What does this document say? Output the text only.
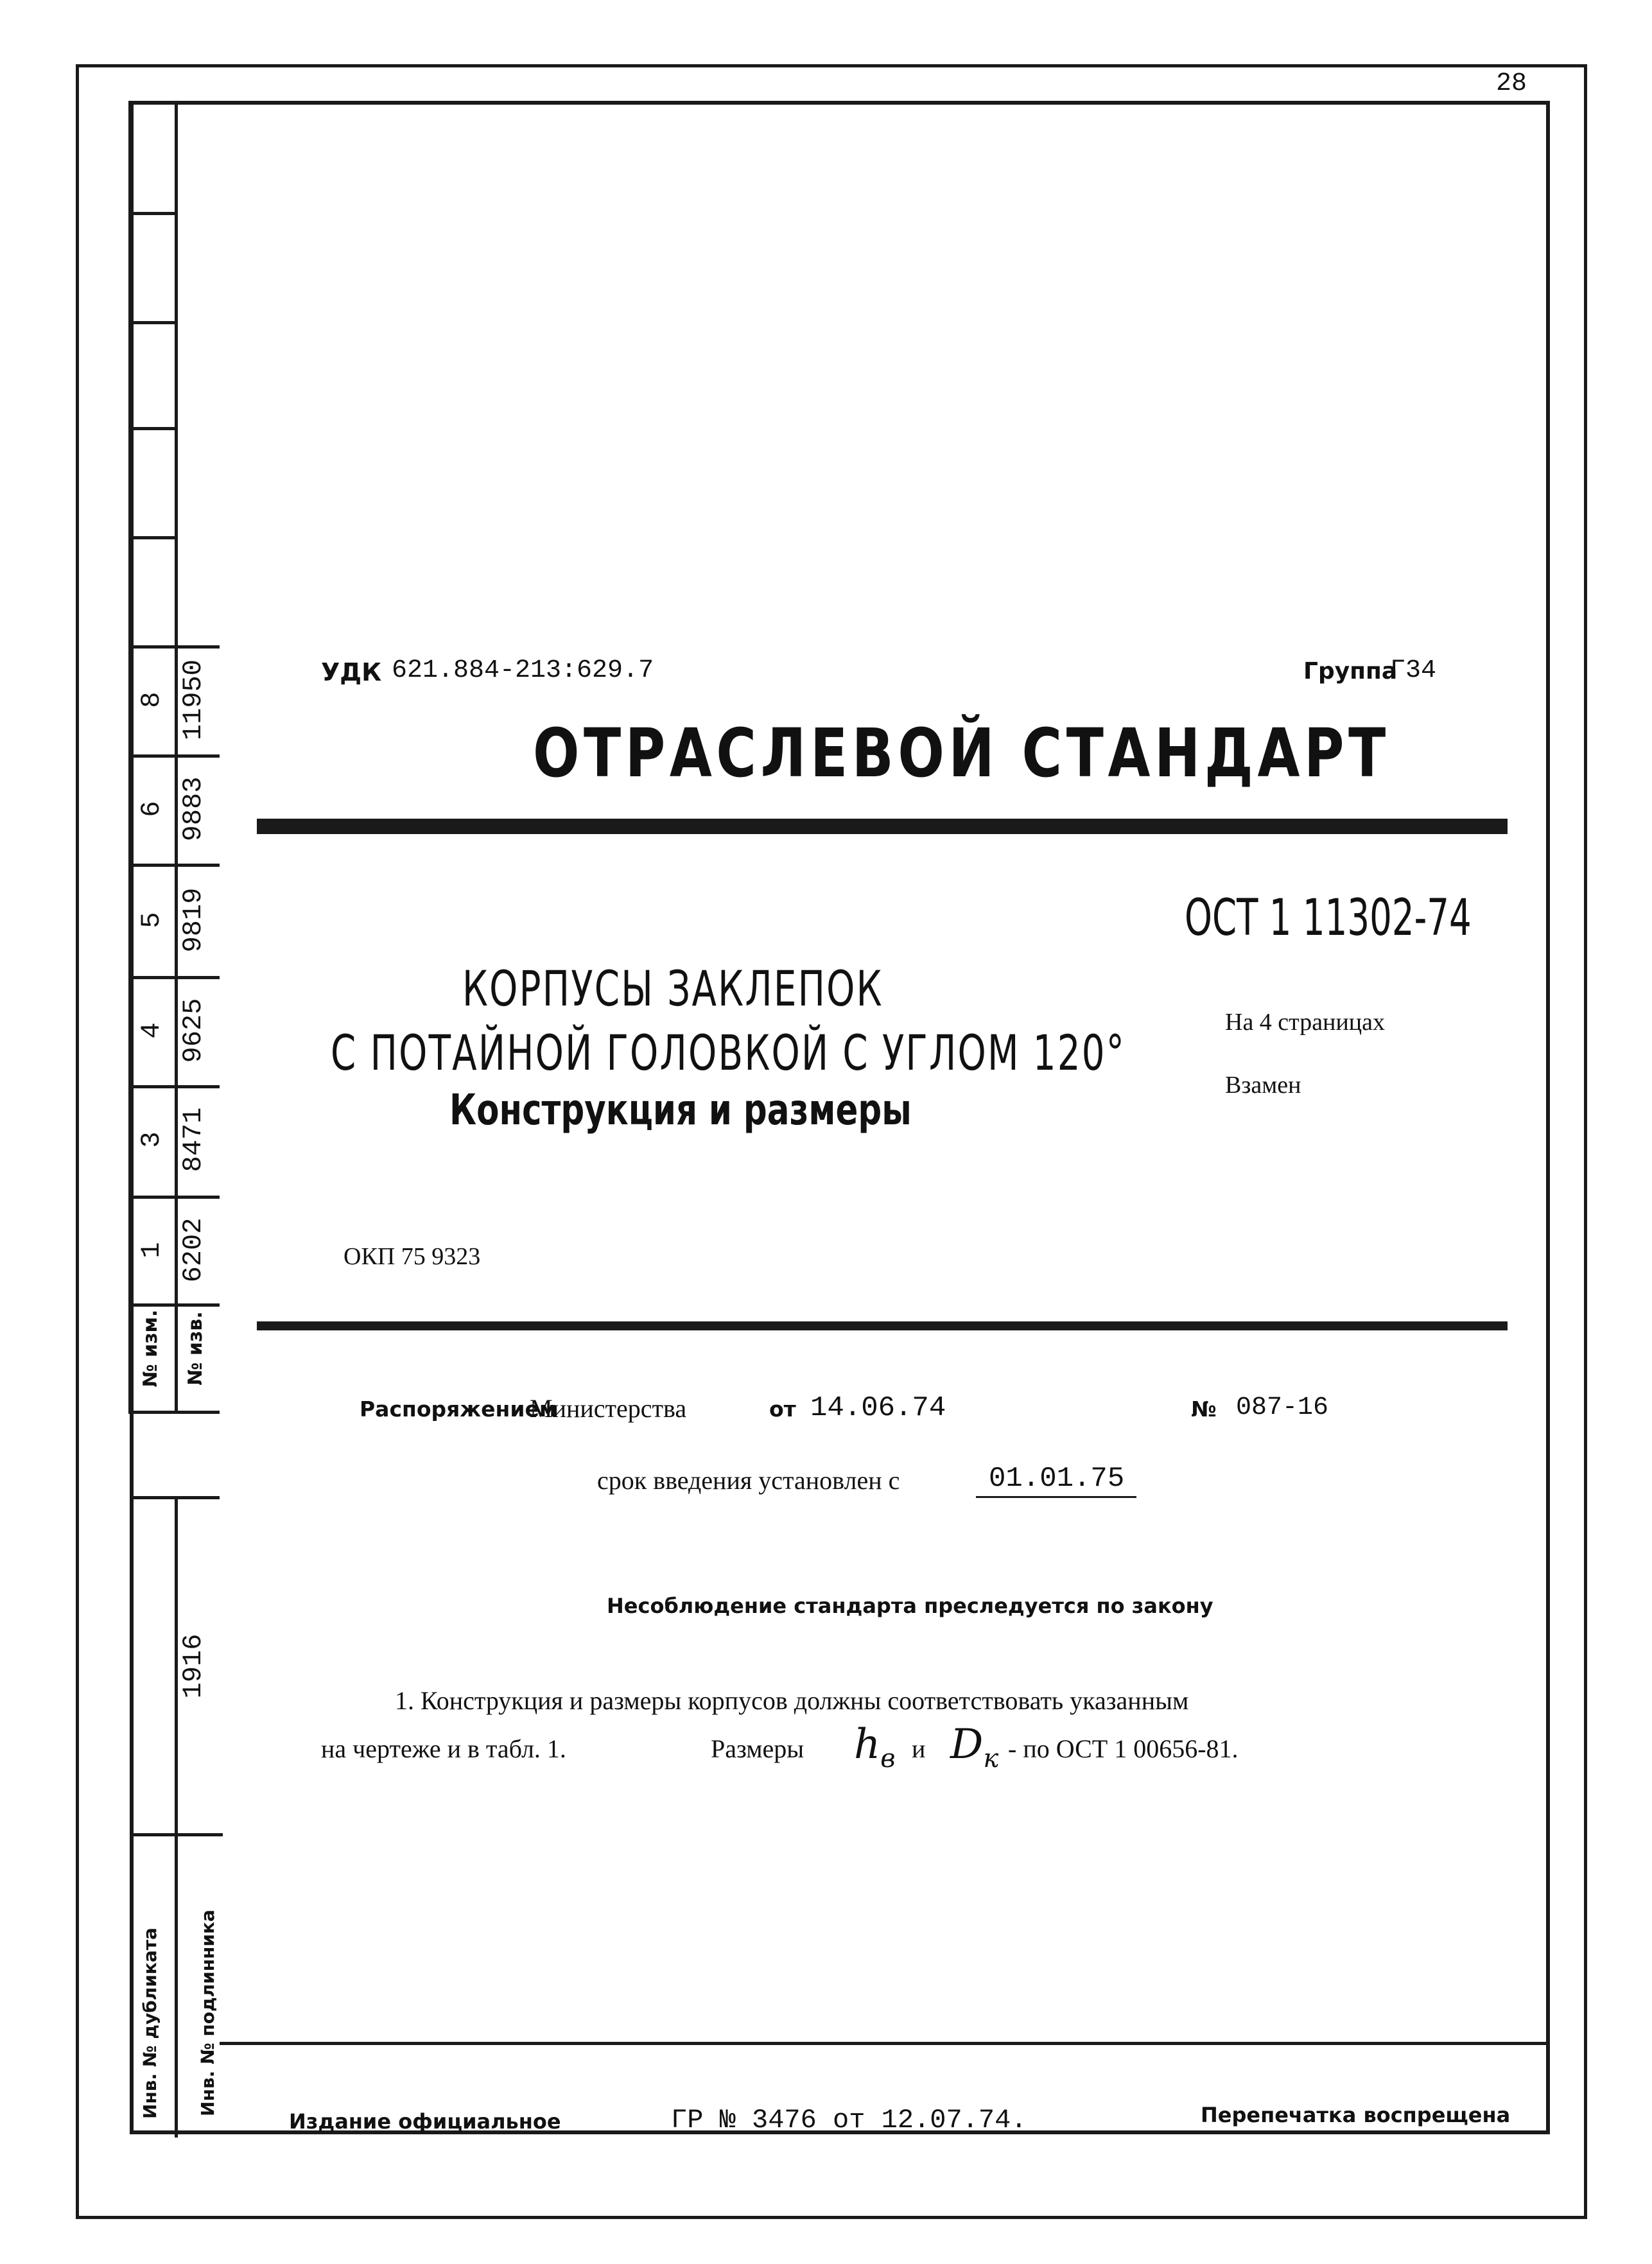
28
8 11950
6 9883
5 9819
4 9625
3 8471
1 6202
№ изм.	№ изв.
1916
Инв. № дубликата	Инв. № подлинника
УДК 621.884-213:629.7	Группа
Г34
ОТРАСЛЕВОЙ СТАНДАРТ
ОСТ 1 11302-74
КОРПУСЫ ЗАКЛЕПОК
С ПОТАЙНОЙ ГОЛОВКОЙ С УГЛОМ 120°
Конструкция и размеры
На 4 страницах
Взамен
ОКП 75 9323
Распоряжением
Министерства	от 14.06.74	№ 087-16
срок введения установлен с	01.01.75
Несоблюдение стандарта преследуется по закону
1. Конструкция и размеры корпусов должны соответствовать указанным
на чертеже и в табл. 1.	Размеры $h_в$ и $D_к$ - по ОСТ 1 00656-81.
Издание официальное	ГР № 3476 от 12.07.74.	Перепечатка воспрещена
